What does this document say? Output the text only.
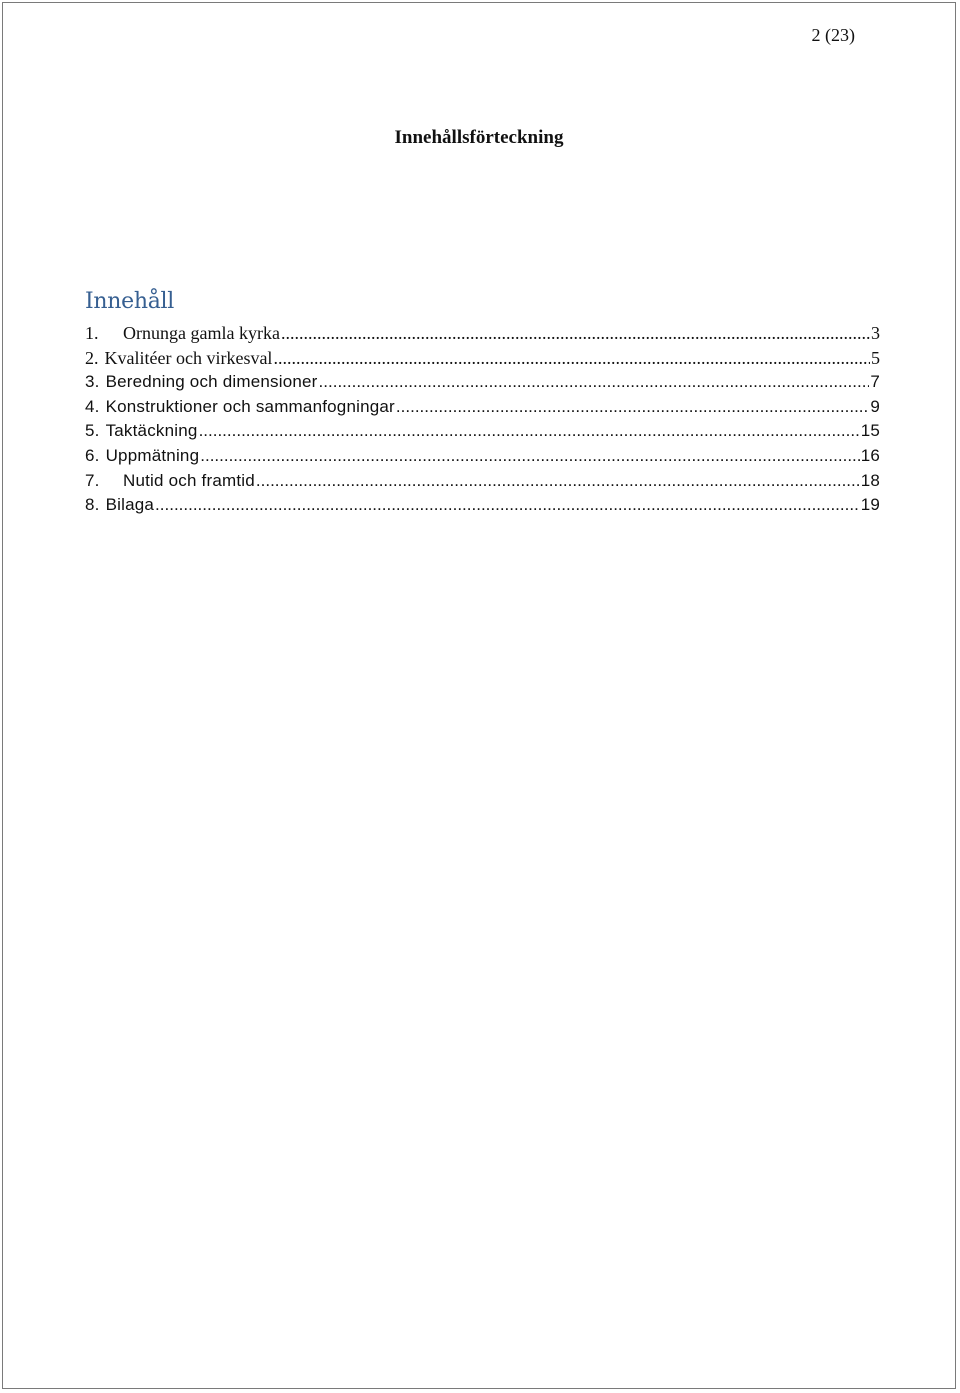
2 (23)
Innehållsförteckning
Innehåll
1.	Ornunga gamla kyrka .....	3
2. Kvalitéer och virkesval .....	5
3. Beredning och dimensioner .....	7
4. Konstruktioner och sammanfogningar .....	9
5. Taktäckning .....	15
6. Uppmätning .....	16
7.	Nutid och framtid .....	18
8. Bilaga .....	19
